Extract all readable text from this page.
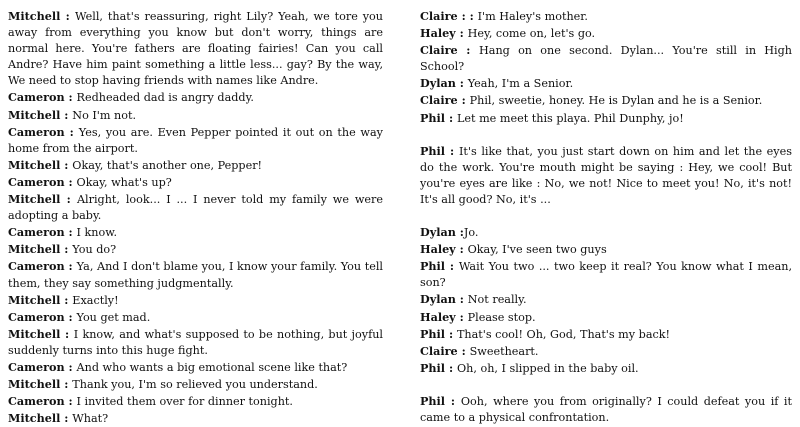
Mitchell : Well, that's reassuring, right Lily? Yeah, we tore you away from everything you know but don't worry, things are normal here. You're fathers are floating fairies! Can you call Andre? Have him paint something a little less... gay? By the way, We need to stop having friends with names like Andre.

Cameron : Redheaded dad is angry daddy.

Mitchell : No I'm not.

Cameron : Yes, you are. Even Pepper pointed it out on the way home from the airport.

Mitchell : Okay, that's another one, Pepper!

Cameron : Okay, what's up?

Mitchell : Alright, look... I ... I never told my family we were adopting a baby.

Cameron : I know.

Mitchell : You do?

Cameron : Ya, And I don't blame you, I know your family. You tell them, they say something judgmentally.

Mitchell : Exactly!

Cameron : You get mad.

Mitchell : I know, and what's supposed to be nothing, but joyful suddenly turns into this huge fight.

Cameron : And who wants a big emotional scene like that?

Mitchell : Thank you, I'm so relieved you understand.

Cameron : I invited them over for dinner tonight.

Mitchell : What?

Claire : : I'm Haley's mother.

Haley : Hey, come on, let's go.

Claire : Hang on one second. Dylan... You're still in High School?

Dylan : Yeah, I'm a Senior.

Claire : Phil, sweetie, honey. He is Dylan and he is a Senior.

Phil : Let me meet this playa. Phil Dunphy, jo!

Phil : It's like that, you just start down on him and let the eyes do the work. You're mouth might be saying : Hey, we cool! But you're eyes are like : No, we not! Nice to meet you! No, it's not! It's all good? No, it's ...

Dylan :Jo.

Haley : Okay, I've seen two guys

Phil : Wait You two ... two keep it real? You know what I mean, son?

Dylan : Not really.

Haley : Please stop.

Phil : That's cool! Oh, God, That's my back!

Claire : Sweetheart.

Phil : Oh, oh, I slipped in the baby oil.

Phil : Ooh, where you from originally? I could defeat you if it came to a physical confrontation.
